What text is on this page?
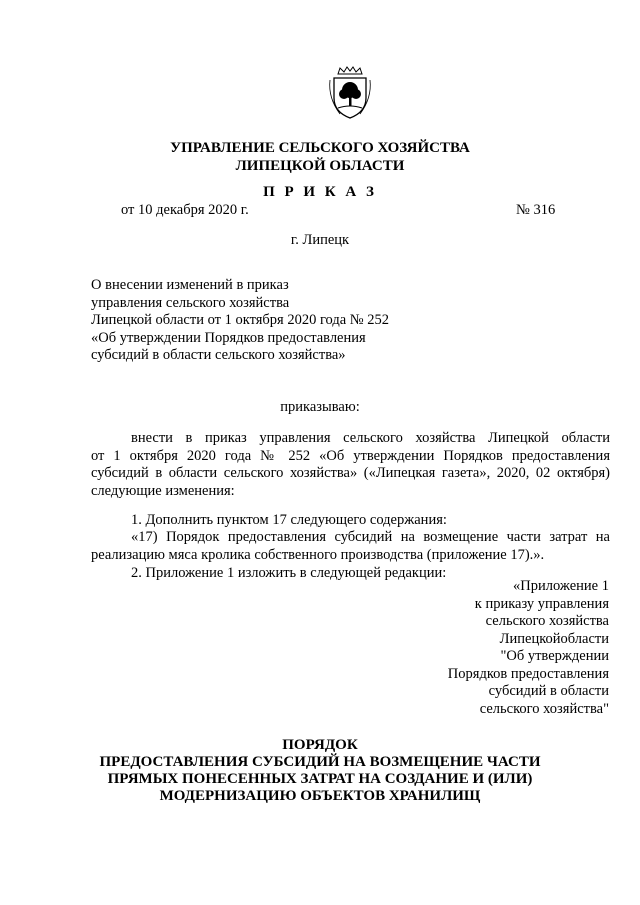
УПРАВЛЕНИЕ СЕЛЬСКОГО ХОЗЯЙСТВА
ЛИПЕЦКОЙ ОБЛАСТИ
П Р И К А З
от 10 декабря 2020 г.	№ 316
г. Липецк
О внесении изменений в приказ
управления сельского хозяйства
Липецкой области от 1 октября 2020 года № 252
«Об утверждении Порядков предоставления
субсидий в области сельского хозяйства»
приказываю:
внести в приказ управления сельского хозяйства Липецкой области
от 1 октября 2020 года № 252 «Об утверждении Порядков предоставления
субсидий в области сельского хозяйства» («Липецкая газета», 2020, 02 октября)
следующие изменения:
1. Дополнить пунктом 17 следующего содержания:
«17) Порядок предоставления субсидий на возмещение части затрат на
реализацию мяса кролика собственного производства (приложение 17).».
2. Приложение 1 изложить в следующей редакции:
«Приложение 1
к приказу управления
сельского хозяйства
Липецкойобласти
"Об утверждении
Порядков предоставления
субсидий в области
сельского хозяйства"
ПОРЯДОК
ПРЕДОСТАВЛЕНИЯ СУБСИДИЙ НА ВОЗМЕЩЕНИЕ ЧАСТИ
ПРЯМЫХ ПОНЕСЕННЫХ ЗАТРАТ НА СОЗДАНИЕ И (ИЛИ)
МОДЕРНИЗАЦИЮ ОБЪЕКТОВ ХРАНИЛИЩ
